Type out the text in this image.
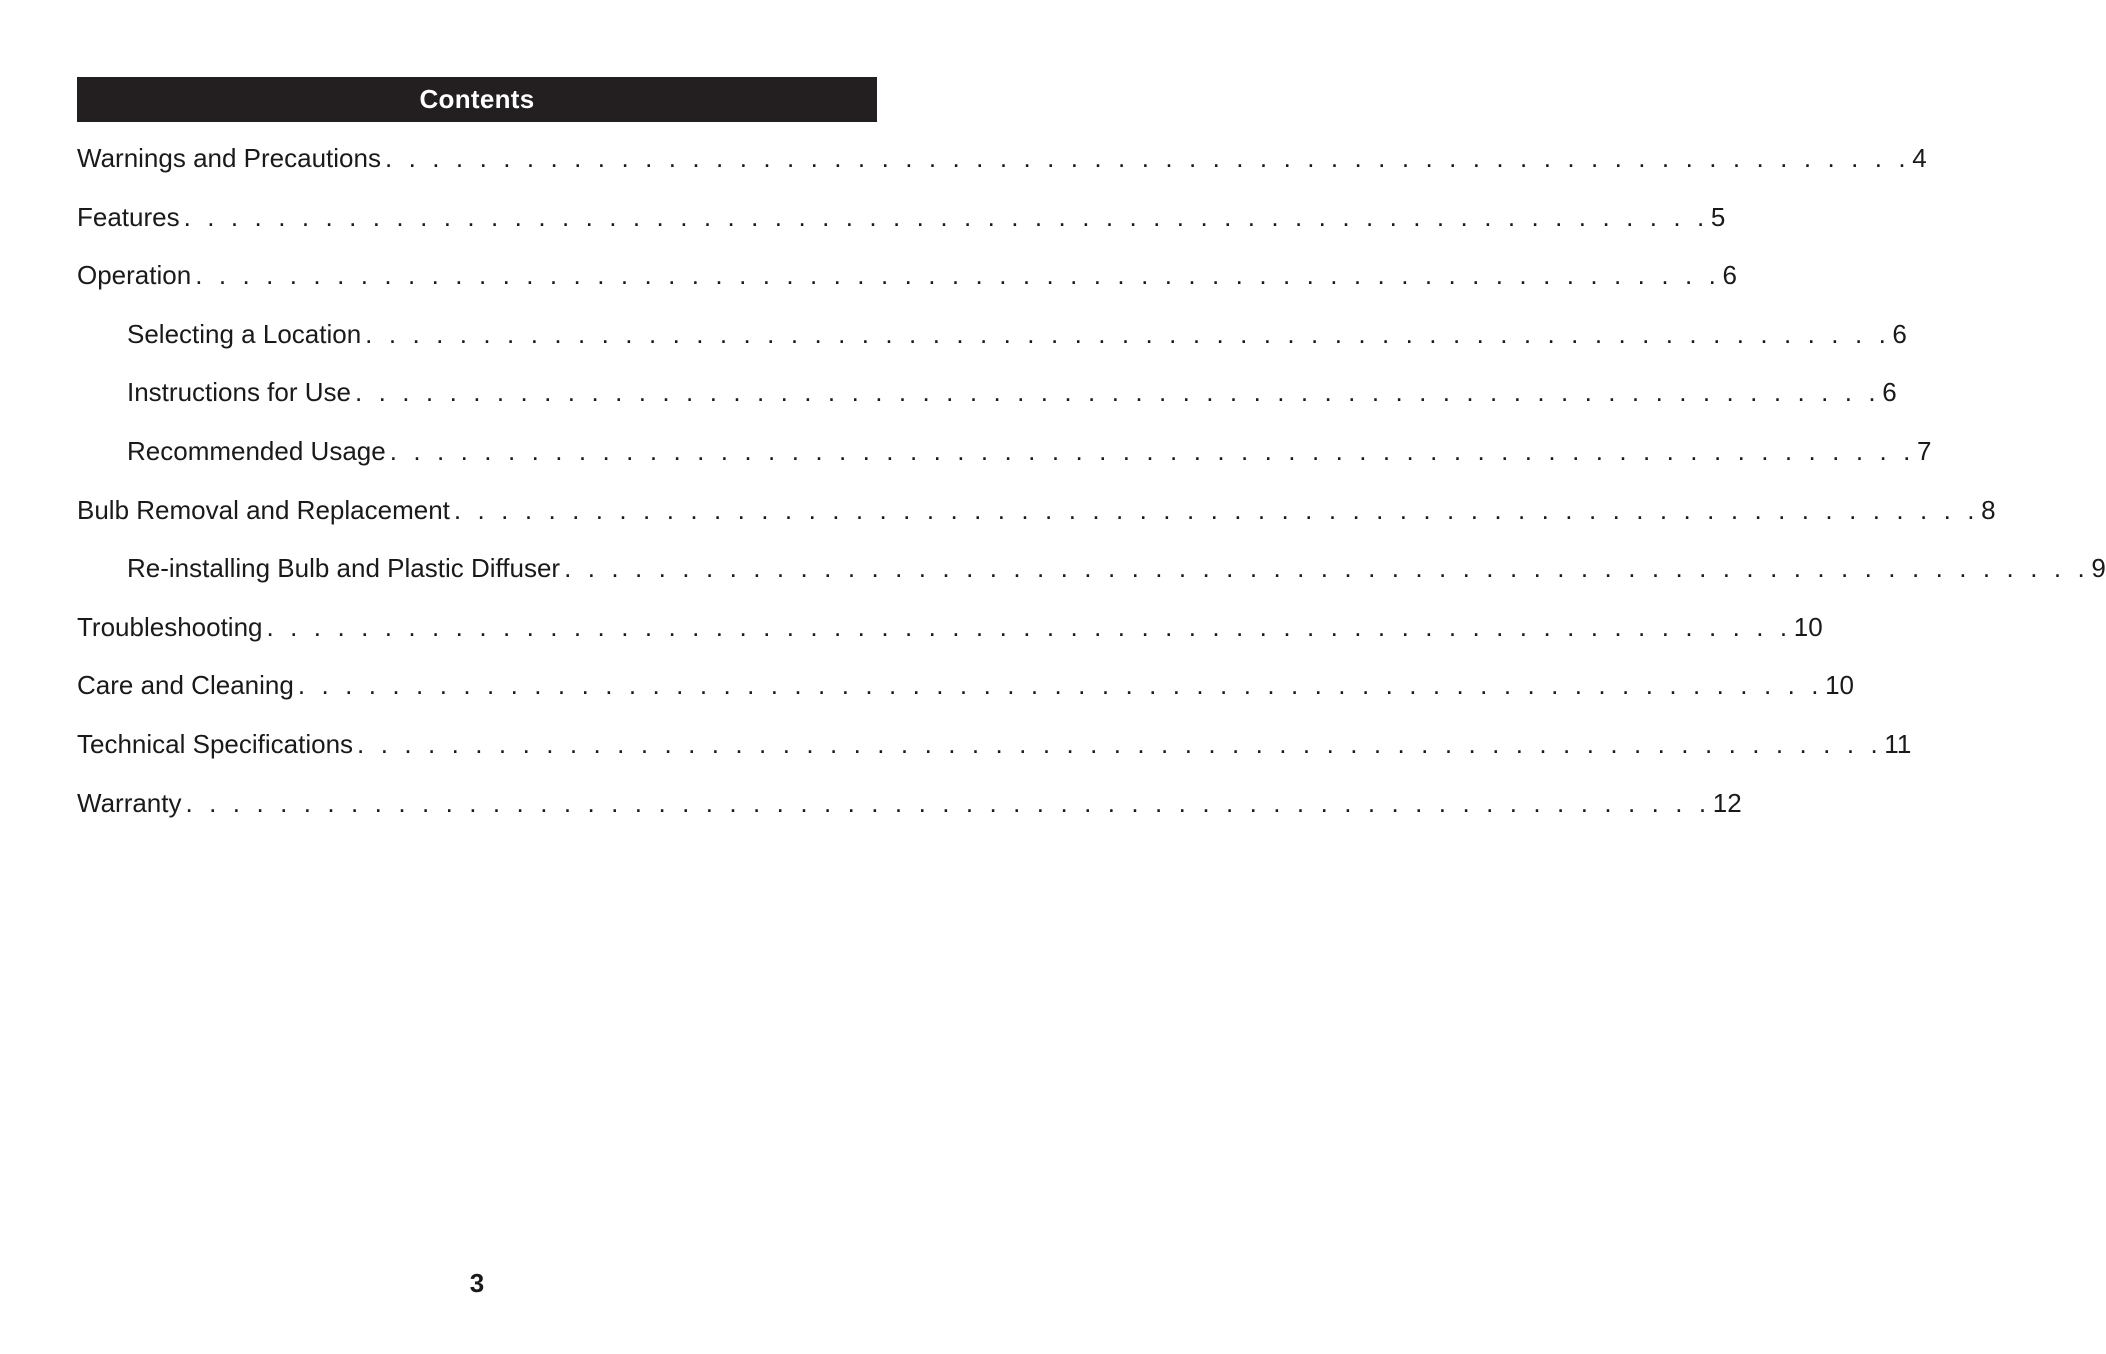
Contents
Warnings and Precautions . . . . . . . . . . . . . . . . . . . . . . . . . . . . . . . . . . . . . . . . . . . . . . . . . . . . . . . . . . . . . . . . . 4
Features . . . . . . . . . . . . . . . . . . . . . . . . . . . . . . . . . . . . . . . . . . . . . . . . . . . . . . . . . . . . . . . . . 5
Operation . . . . . . . . . . . . . . . . . . . . . . . . . . . . . . . . . . . . . . . . . . . . . . . . . . . . . . . . . . . . . . . . . 6
Selecting a Location . . . . . . . . . . . . . . . . . . . . . . . . . . . . . . . . . . . . . . . . . . . . . . . . . . . . . . . . . . . . . . . . . 6
Instructions for Use . . . . . . . . . . . . . . . . . . . . . . . . . . . . . . . . . . . . . . . . . . . . . . . . . . . . . . . . . . . . . . . . . 6
Recommended Usage . . . . . . . . . . . . . . . . . . . . . . . . . . . . . . . . . . . . . . . . . . . . . . . . . . . . . . . . . . . . . . . . . 7
Bulb Removal and Replacement . . . . . . . . . . . . . . . . . . . . . . . . . . . . . . . . . . . . . . . . . . . . . . . . . . . . . . . . . . . . . . . . . 8
Re-installing Bulb and Plastic Diffuser . . . . . . . . . . . . . . . . . . . . . . . . . . . . . . . . . . . . . . . . . . . . . . . . . . . . . . . . . . . . . . . . . 9
Troubleshooting . . . . . . . . . . . . . . . . . . . . . . . . . . . . . . . . . . . . . . . . . . . . . . . . . . . . . . . . . . . . . . . . . 10
Care and Cleaning . . . . . . . . . . . . . . . . . . . . . . . . . . . . . . . . . . . . . . . . . . . . . . . . . . . . . . . . . . . . . . . . . 10
Technical Specifications . . . . . . . . . . . . . . . . . . . . . . . . . . . . . . . . . . . . . . . . . . . . . . . . . . . . . . . . . . . . . . . . . 11
Warranty . . . . . . . . . . . . . . . . . . . . . . . . . . . . . . . . . . . . . . . . . . . . . . . . . . . . . . . . . . . . . . . . . 12
3
